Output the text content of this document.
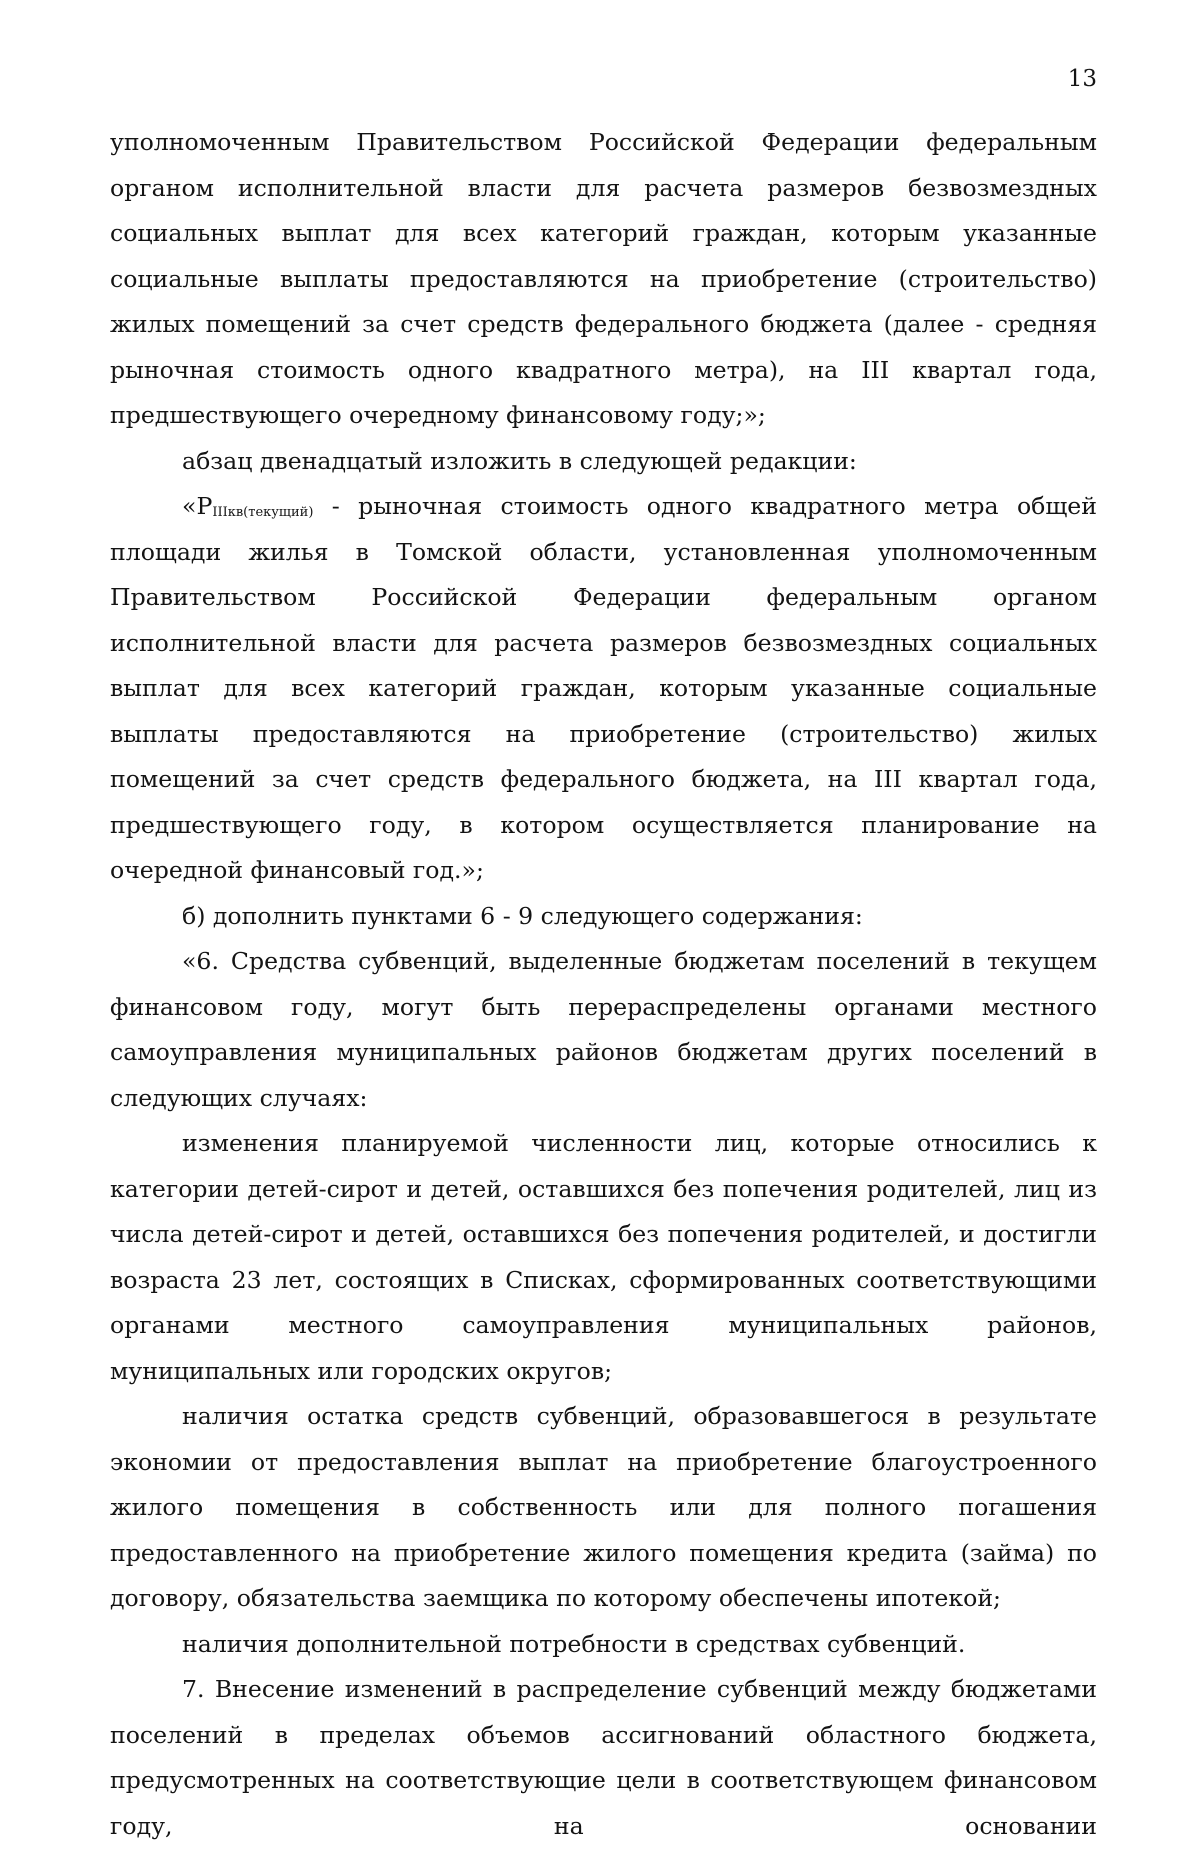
13

уполномоченным Правительством Российской Федерации федеральным органом исполнительной власти для расчета размеров безвозмездных социальных выплат для всех категорий граждан, которым указанные социальные выплаты предоставляются на приобретение (строительство) жилых помещений за счет средств федерального бюджета (далее - средняя рыночная стоимость одного квадратного метра), на III квартал года, предшествующего очередному финансовому году;»;

абзац двенадцатый изложить в следующей редакции:

«$P_{IIIкв(текущий)}$ - рыночная стоимость одного квадратного метра общей площади жилья в Томской области, установленная уполномоченным Правительством Российской Федерации федеральным органом исполнительной власти для расчета размеров безвозмездных социальных выплат для всех категорий граждан, которым указанные социальные выплаты предоставляются на приобретение (строительство) жилых помещений за счет средств федерального бюджета, на III квартал года, предшествующего году, в котором осуществляется планирование на очередной финансовый год.»;

б) дополнить пунктами 6 - 9 следующего содержания:

«6. Средства субвенций, выделенные бюджетам поселений в текущем финансовом году, могут быть перераспределены органами местного самоуправления муниципальных районов бюджетам других поселений в следующих случаях:

изменения планируемой численности лиц, которые относились к категории детей-сирот и детей, оставшихся без попечения родителей, лиц из числа детей-сирот и детей, оставшихся без попечения родителей, и достигли возраста 23 лет, состоящих в Списках, сформированных соответствующими органами местного самоуправления муниципальных районов, муниципальных или городских округов;

наличия остатка средств субвенций, образовавшегося в результате экономии от предоставления выплат на приобретение благоустроенного жилого помещения в собственность или для полного погашения предоставленного на приобретение жилого помещения кредита (займа) по договору, обязательства заемщика по которому обеспечены ипотекой;

наличия дополнительной потребности в средствах субвенций.

7. Внесение изменений в распределение субвенций между бюджетами поселений в пределах объемов ассигнований областного бюджета, предусмотренных на соответствующие цели в соответствующем финансовом году, на основании
